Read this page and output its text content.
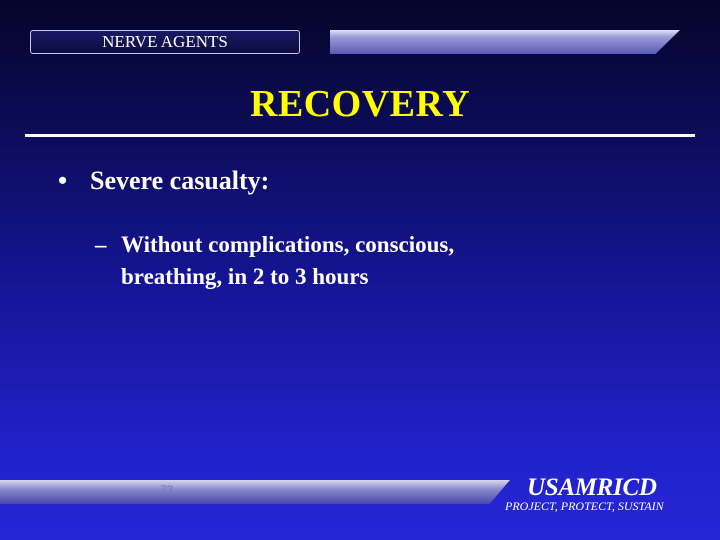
NERVE AGENTS
RECOVERY
• Severe casualty:
– Without complications, conscious,
breathing, in 2 to 3 hours
73	USAMRICD
PROJECT, PROTECT, SUSTAIN
